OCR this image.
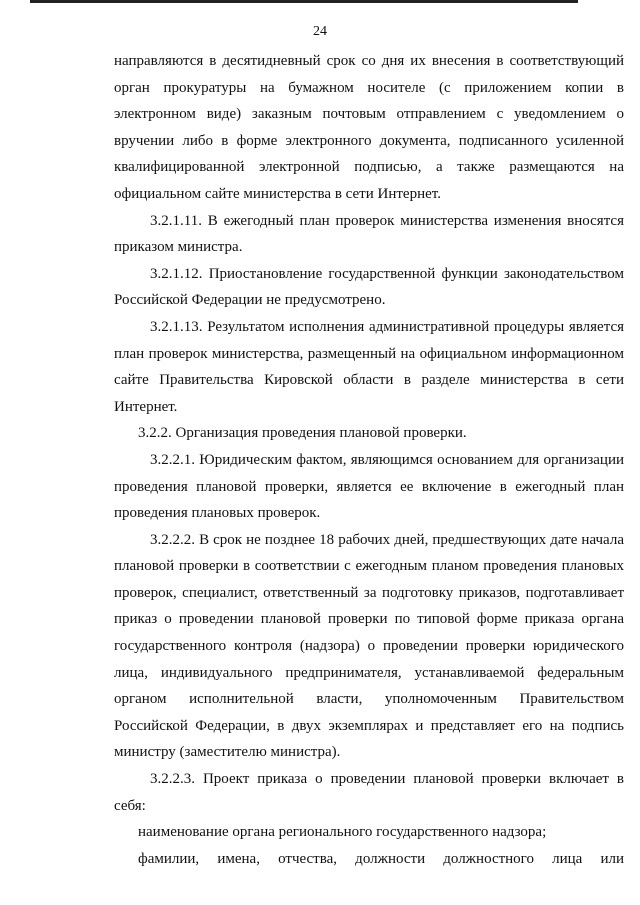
24

направляются в десятидневный срок со дня их внесения в соответствующий орган прокуратуры на бумажном носителе (с приложением копии в электронном виде) заказным почтовым отправлением с уведомлением о вручении либо в форме электронного документа, подписанного усиленной квалифицированной электронной подписью, а также размещаются на официальном сайте министерства в сети Интернет.

3.2.1.11. В ежегодный план проверок министерства изменения вносятся приказом министра.

3.2.1.12. Приостановление государственной функции законодательством Российской Федерации не предусмотрено.

3.2.1.13. Результатом исполнения административной процедуры является план проверок министерства, размещенный на официальном информационном сайте Правительства Кировской области в разделе министерства в сети Интернет.

3.2.2. Организация проведения плановой проверки.

3.2.2.1. Юридическим фактом, являющимся основанием для организации проведения плановой проверки, является ее включение в ежегодный план проведения плановых проверок.

3.2.2.2. В срок не позднее 18 рабочих дней, предшествующих дате начала плановой проверки в соответствии с ежегодным планом проведения плановых проверок, специалист, ответственный за подготовку приказов, подготавливает приказ о проведении плановой проверки по типовой форме приказа органа государственного контроля (надзора) о проведении проверки юридического лица, индивидуального предпринимателя, устанавливаемой федеральным органом исполнительной власти, уполномоченным Правительством Российской Федерации, в двух экземплярах и представляет его на подпись министру (заместителю министра).

3.2.2.3. Проект приказа о проведении плановой проверки включает в себя:

наименование органа регионального государственного надзора;

фамилии, имена, отчества, должности должностного лица или
